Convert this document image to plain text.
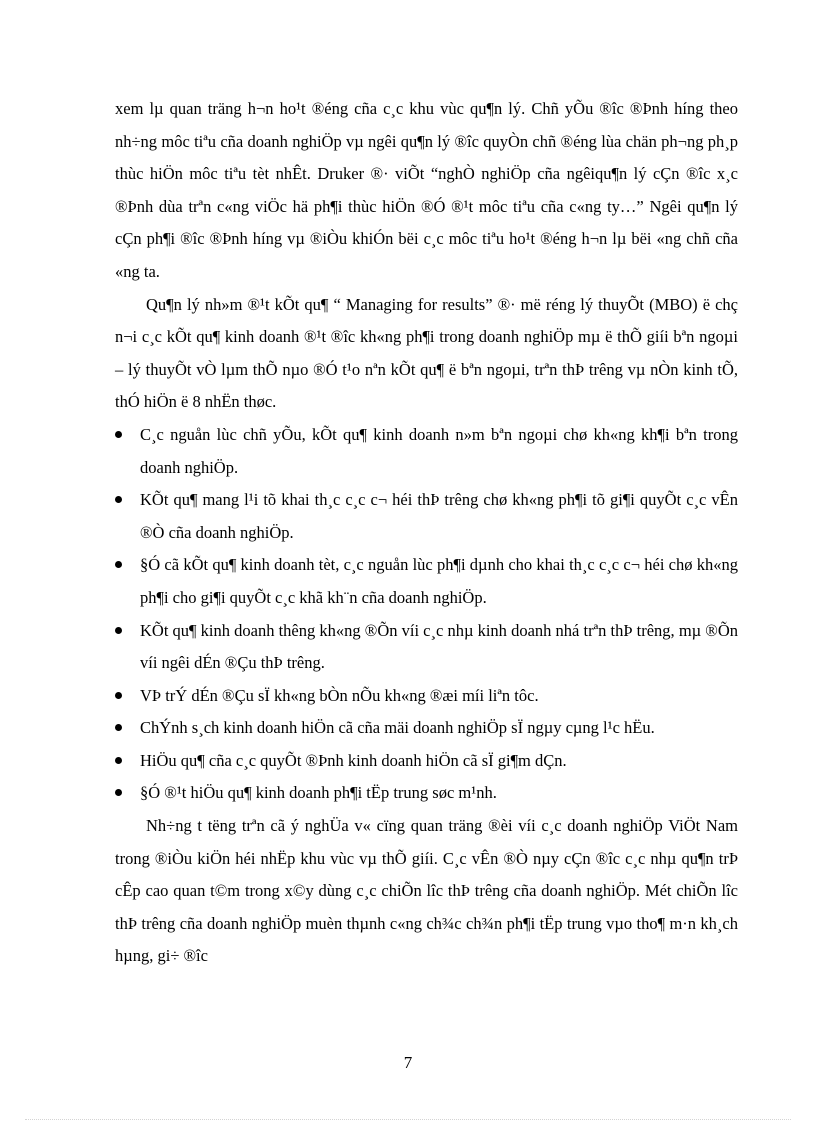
xem lµ quan träng h¬n ho¹t ®éng cña c¸c khu vùc qu¶n lý. Chñ yÕu ®îc ®Þnh híng theo nh÷ng môc tiªu cña doanh nghiÖp vµ ngêi qu¶n lý ®îc quyÒn chñ ®éng lùa chän ph¬ng ph¸p thùc hiÖn môc tiªu tèt nhÊt. Druker ®· viÕt “nghÒ nghiÖp cña ngêiqu¶n lý cÇn ®îc x¸c ®Þnh dùa trªn c«ng viÖc hä ph¶i thùc hiÖn ®Ó ®¹t môc tiªu cña c«ng ty…” Ngêi qu¶n lý cÇn ph¶i ®îc ®Þnh híng vµ ®iÒu khiÓn bëi c¸c môc tiªu ho¹t ®éng h¬n lµ bëi «ng chñ cña «ng ta.

Qu¶n lý nh»m ®¹t kÕt qu¶ “ Managing for results” ®· më réng lý thuyÕt (MBO) ë chç n¬i c¸c kÕt qu¶ kinh doanh ®¹t ®îc kh«ng ph¶i trong doanh nghiÖp mµ ë thÕ giíi bªn ngoµi – lý thuyÕt vÒ lµm thÕ nµo ®Ó t¹o nªn kÕt qu¶ ë bªn ngoµi, trªn thÞ trêng vµ nÒn kinh tÕ, thÓ hiÖn ë 8 nhËn thøc.

C¸c nguån lùc chñ yÕu, kÕt qu¶ kinh doanh n»m bªn ngoµi chø kh«ng kh¶i bªn trong doanh nghiÖp.
KÕt qu¶ mang l¹i tõ khai th¸c c¸c c¬ héi thÞ trêng chø kh«ng ph¶i tõ gi¶i quyÕt c¸c vÊn ®Ò cña doanh nghiÖp.
§Ó cã kÕt qu¶ kinh doanh tèt, c¸c nguån lùc ph¶i dµnh cho khai th¸c c¸c c¬ héi chø kh«ng ph¶i cho gi¶i quyÕt c¸c khã kh¨n cña doanh nghiÖp.
KÕt qu¶ kinh doanh thêng kh«ng ®Õn víi c¸c nhµ kinh doanh nhá trªn thÞ trêng, mµ ®Õn víi ngêi dÉn ®Çu thÞ trêng.
VÞ trÝ dÉn ®Çu sÏ kh«ng bÒn nÕu kh«ng ®æi míi liªn tôc.
ChÝnh s¸ch kinh doanh hiÖn cã cña mäi doanh nghiÖp sÏ ngµy cµng l¹c hËu.
HiÖu qu¶ cña c¸c quyÕt ®Þnh kinh doanh hiÖn cã sÏ gi¶m dÇn.
§Ó ®¹t hiÖu qu¶ kinh doanh ph¶i tËp trung søc m¹nh.

Nh÷ng t tëng trªn cã ý nghÜa v« cïng quan träng ®èi víi c¸c doanh nghiÖp ViÖt Nam trong ®iÒu kiÖn héi nhËp khu vùc vµ thÕ giíi. C¸c vÊn ®Ò nµy cÇn ®îc c¸c nhµ qu¶n trÞ cÊp cao quan t©m trong x©y dùng c¸c chiÕn lîc thÞ trêng cña doanh nghiÖp. Mét chiÕn lîc thÞ trêng cña doanh nghiÖp muèn thµnh c«ng ch¾c ch¾n ph¶i tËp trung vµo tho¶ m·n kh¸ch hµng, gi÷ ®îc

7
